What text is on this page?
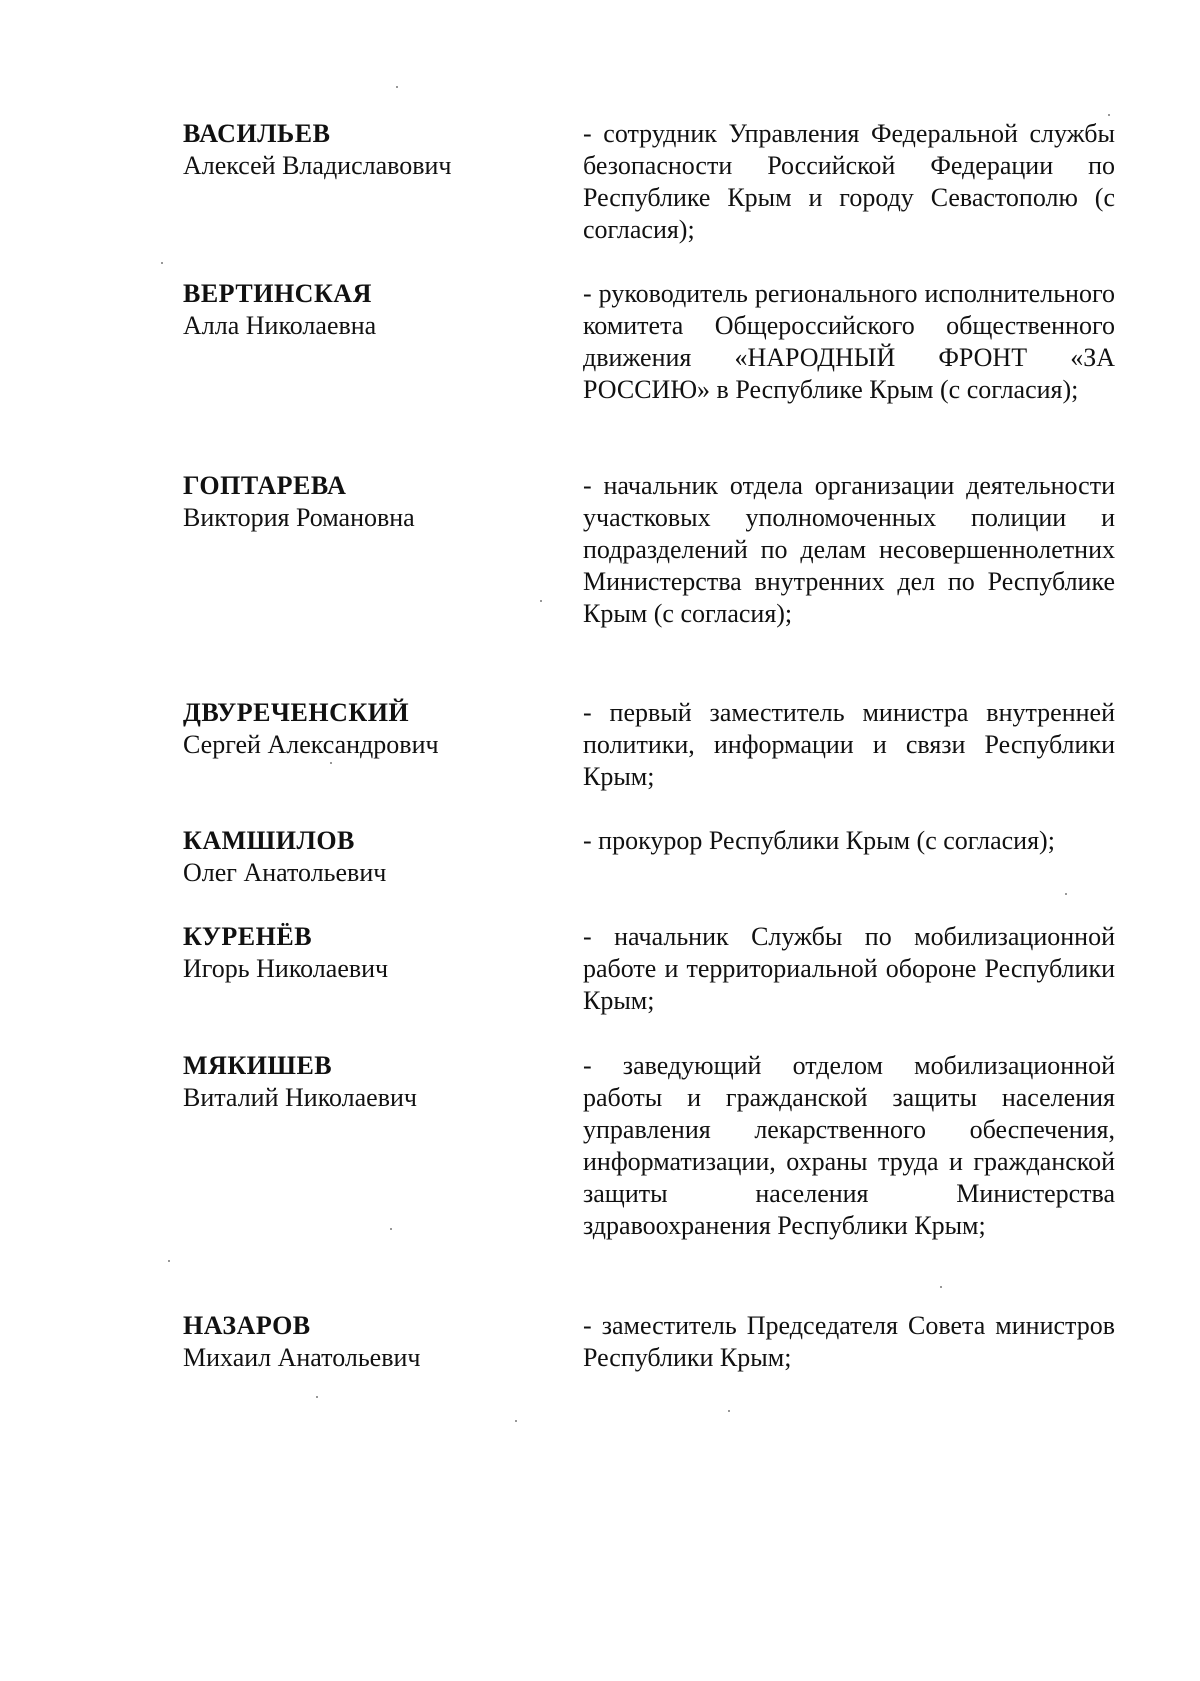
ВАСИЛЬЕВ
Алексей Владиславович
- сотрудник Управления Федеральной службы безопасности Российской Федерации по Республике Крым и городу Севастополю (с согласия);
ВЕРТИНСКАЯ
Алла Николаевна
- руководитель регионального исполнительного комитета Общероссийского общественного движения «НАРОДНЫЙ ФРОНТ «ЗА РОССИЮ» в Республике Крым (с согласия);
ГОПТАРЕВА
Виктория Романовна
- начальник отдела организации деятельности участковых уполномоченных полиции и подразделений по делам несовершеннолетних Министерства внутренних дел по Республике Крым (с согласия);
ДВУРЕЧЕНСКИЙ
Сергей Александрович
- первый заместитель министра внутренней политики, информации и связи Республики Крым;
КАМШИЛОВ
Олег Анатольевич
- прокурор Республики Крым (с согласия);
КУРЕНЁВ
Игорь Николаевич
- начальник Службы по мобилизационной работе и территориальной обороне Республики Крым;
МЯКИШЕВ
Виталий Николаевич
- заведующий отделом мобилизационной работы и гражданской защиты населения управления лекарственного обеспечения, информатизации, охраны труда и гражданской защиты населения Министерства здравоохранения Республики Крым;
НАЗАРОВ
Михаил Анатольевич
- заместитель Председателя Совета министров Республики Крым;
